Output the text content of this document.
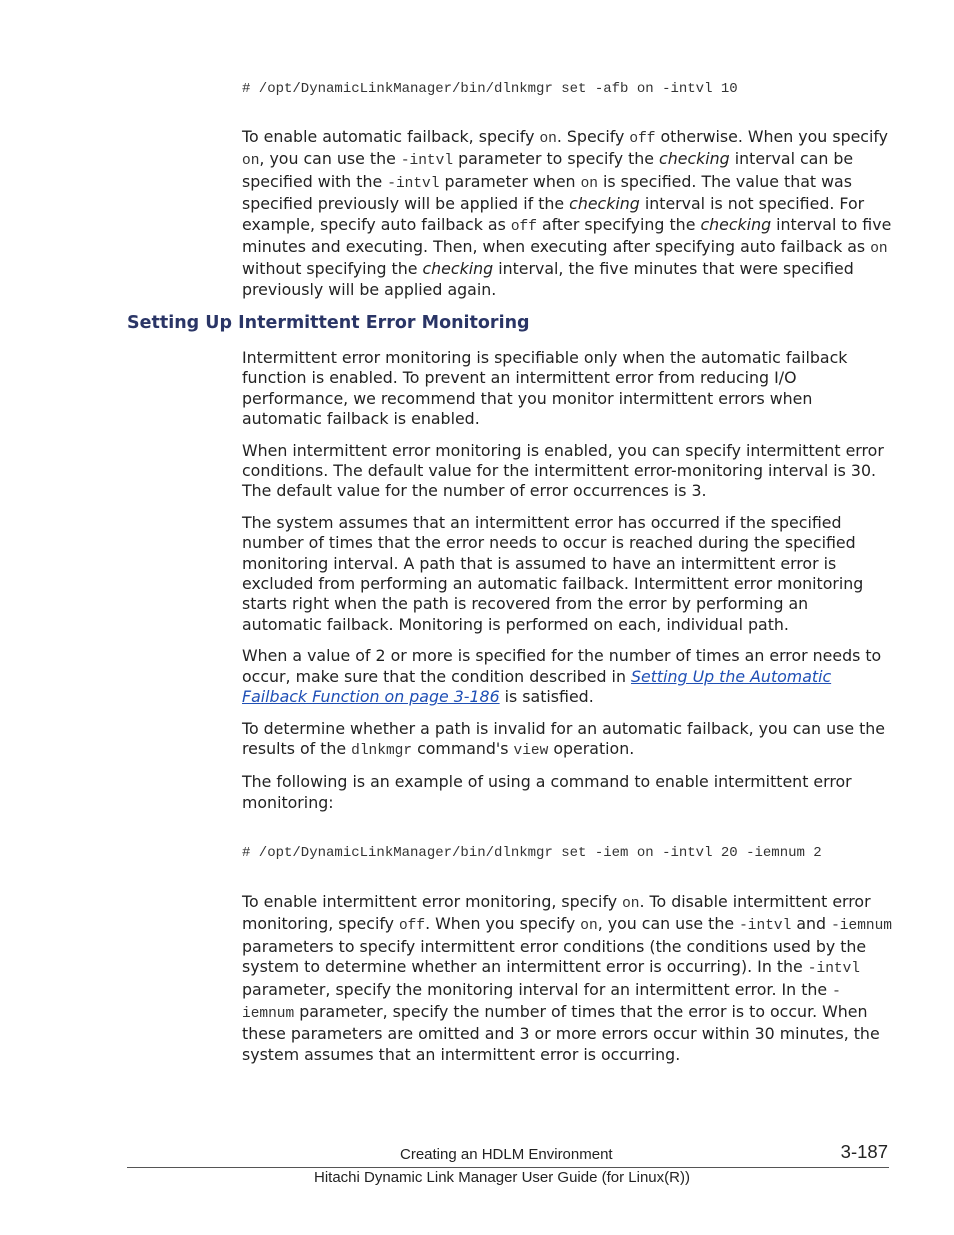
# /opt/DynamicLinkManager/bin/dlnkmgr set -afb on -intvl 10

To enable automatic failback, specify on. Specify off otherwise. When you specify on, you can use the -intvl parameter to specify the checking interval can be specified with the -intvl parameter when on is specified. The value that was specified previously will be applied if the checking interval is not specified. For example, specify auto failback as off after specifying the checking interval to five minutes and executing. Then, when executing after specifying auto failback as on without specifying the checking interval, the five minutes that were specified previously will be applied again.

Setting Up Intermittent Error Monitoring

Intermittent error monitoring is specifiable only when the automatic failback function is enabled. To prevent an intermittent error from reducing I/O performance, we recommend that you monitor intermittent errors when automatic failback is enabled.

When intermittent error monitoring is enabled, you can specify intermittent error conditions. The default value for the intermittent error-monitoring interval is 30. The default value for the number of error occurrences is 3.

The system assumes that an intermittent error has occurred if the specified number of times that the error needs to occur is reached during the specified monitoring interval. A path that is assumed to have an intermittent error is excluded from performing an automatic failback. Intermittent error monitoring starts right when the path is recovered from the error by performing an automatic failback. Monitoring is performed on each, individual path.

When a value of 2 or more is specified for the number of times an error needs to occur, make sure that the condition described in Setting Up the Automatic Failback Function on page 3-186 is satisfied.

To determine whether a path is invalid for an automatic failback, you can use the results of the dlnkmgr command's view operation.

The following is an example of using a command to enable intermittent error monitoring:

# /opt/DynamicLinkManager/bin/dlnkmgr set -iem on -intvl 20 -iemnum 2

To enable intermittent error monitoring, specify on. To disable intermittent error monitoring, specify off. When you specify on, you can use the -intvl and -iemnum parameters to specify intermittent error conditions (the conditions used by the system to determine whether an intermittent error is occurring). In the -intvl parameter, specify the monitoring interval for an intermittent error. In the -iemnum parameter, specify the number of times that the error is to occur. When these parameters are omitted and 3 or more errors occur within 30 minutes, the system assumes that an intermittent error is occurring.

Creating an HDLM Environment	3-187
Hitachi Dynamic Link Manager User Guide (for Linux(R))
